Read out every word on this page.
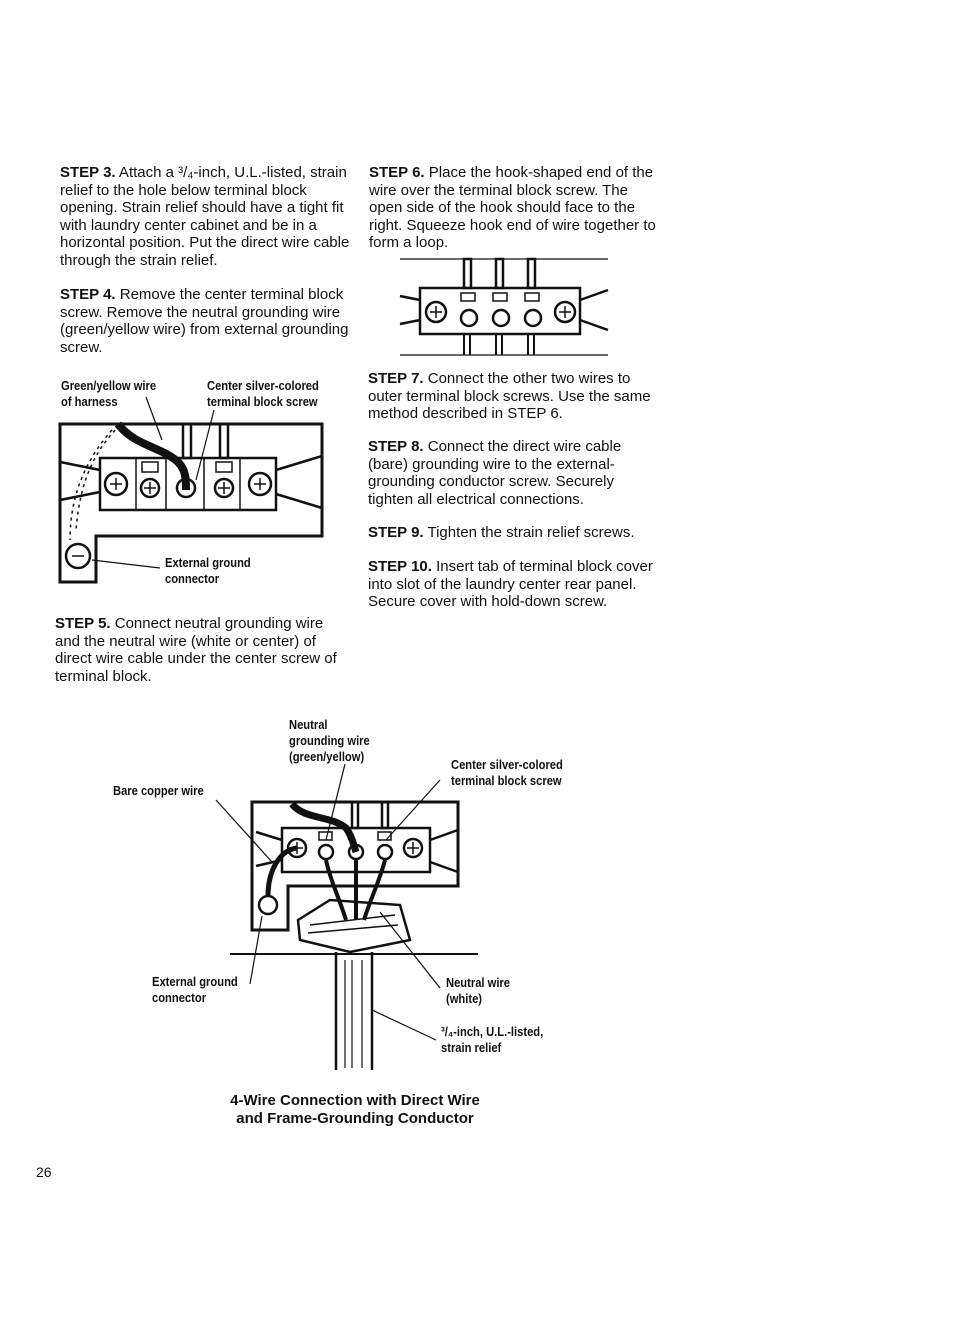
STEP 3. Attach a ³/₄-inch, U.L.-listed, strain relief to the hole below terminal block opening. Strain relief should have a tight fit with laundry center cabinet and be in a horizontal position. Put the direct wire cable through the strain relief.
STEP 4. Remove the center terminal block screw. Remove the neutral grounding wire (green/yellow wire) from external grounding screw.
STEP 5. Connect neutral grounding wire and the neutral wire (white or center) of direct wire cable under the center screw of terminal block.
STEP 6. Place the hook-shaped end of the wire over the terminal block screw. The open side of the hook should face to the right. Squeeze hook end of wire together to form a loop.
STEP 7. Connect the other two wires to outer terminal block screws. Use the same method described in STEP 6.
STEP 8. Connect the direct wire cable (bare) grounding wire to the external-grounding conductor screw. Securely tighten all electrical connections.
STEP 9. Tighten the strain relief screws.
STEP 10. Insert tab of terminal block cover into slot of the laundry center rear panel. Secure cover with hold-down screw.
Green/yellow wire
of harness
Center silver-colored
terminal block screw
External ground
connector
Neutral
grounding wire
(green/yellow)
Center silver-colored
terminal block screw
Bare copper wire
External ground
connector
Neutral wire
(white)
³/₄-inch, U.L.-listed,
strain relief
4-Wire Connection with Direct Wire
and Frame-Grounding Conductor
26
